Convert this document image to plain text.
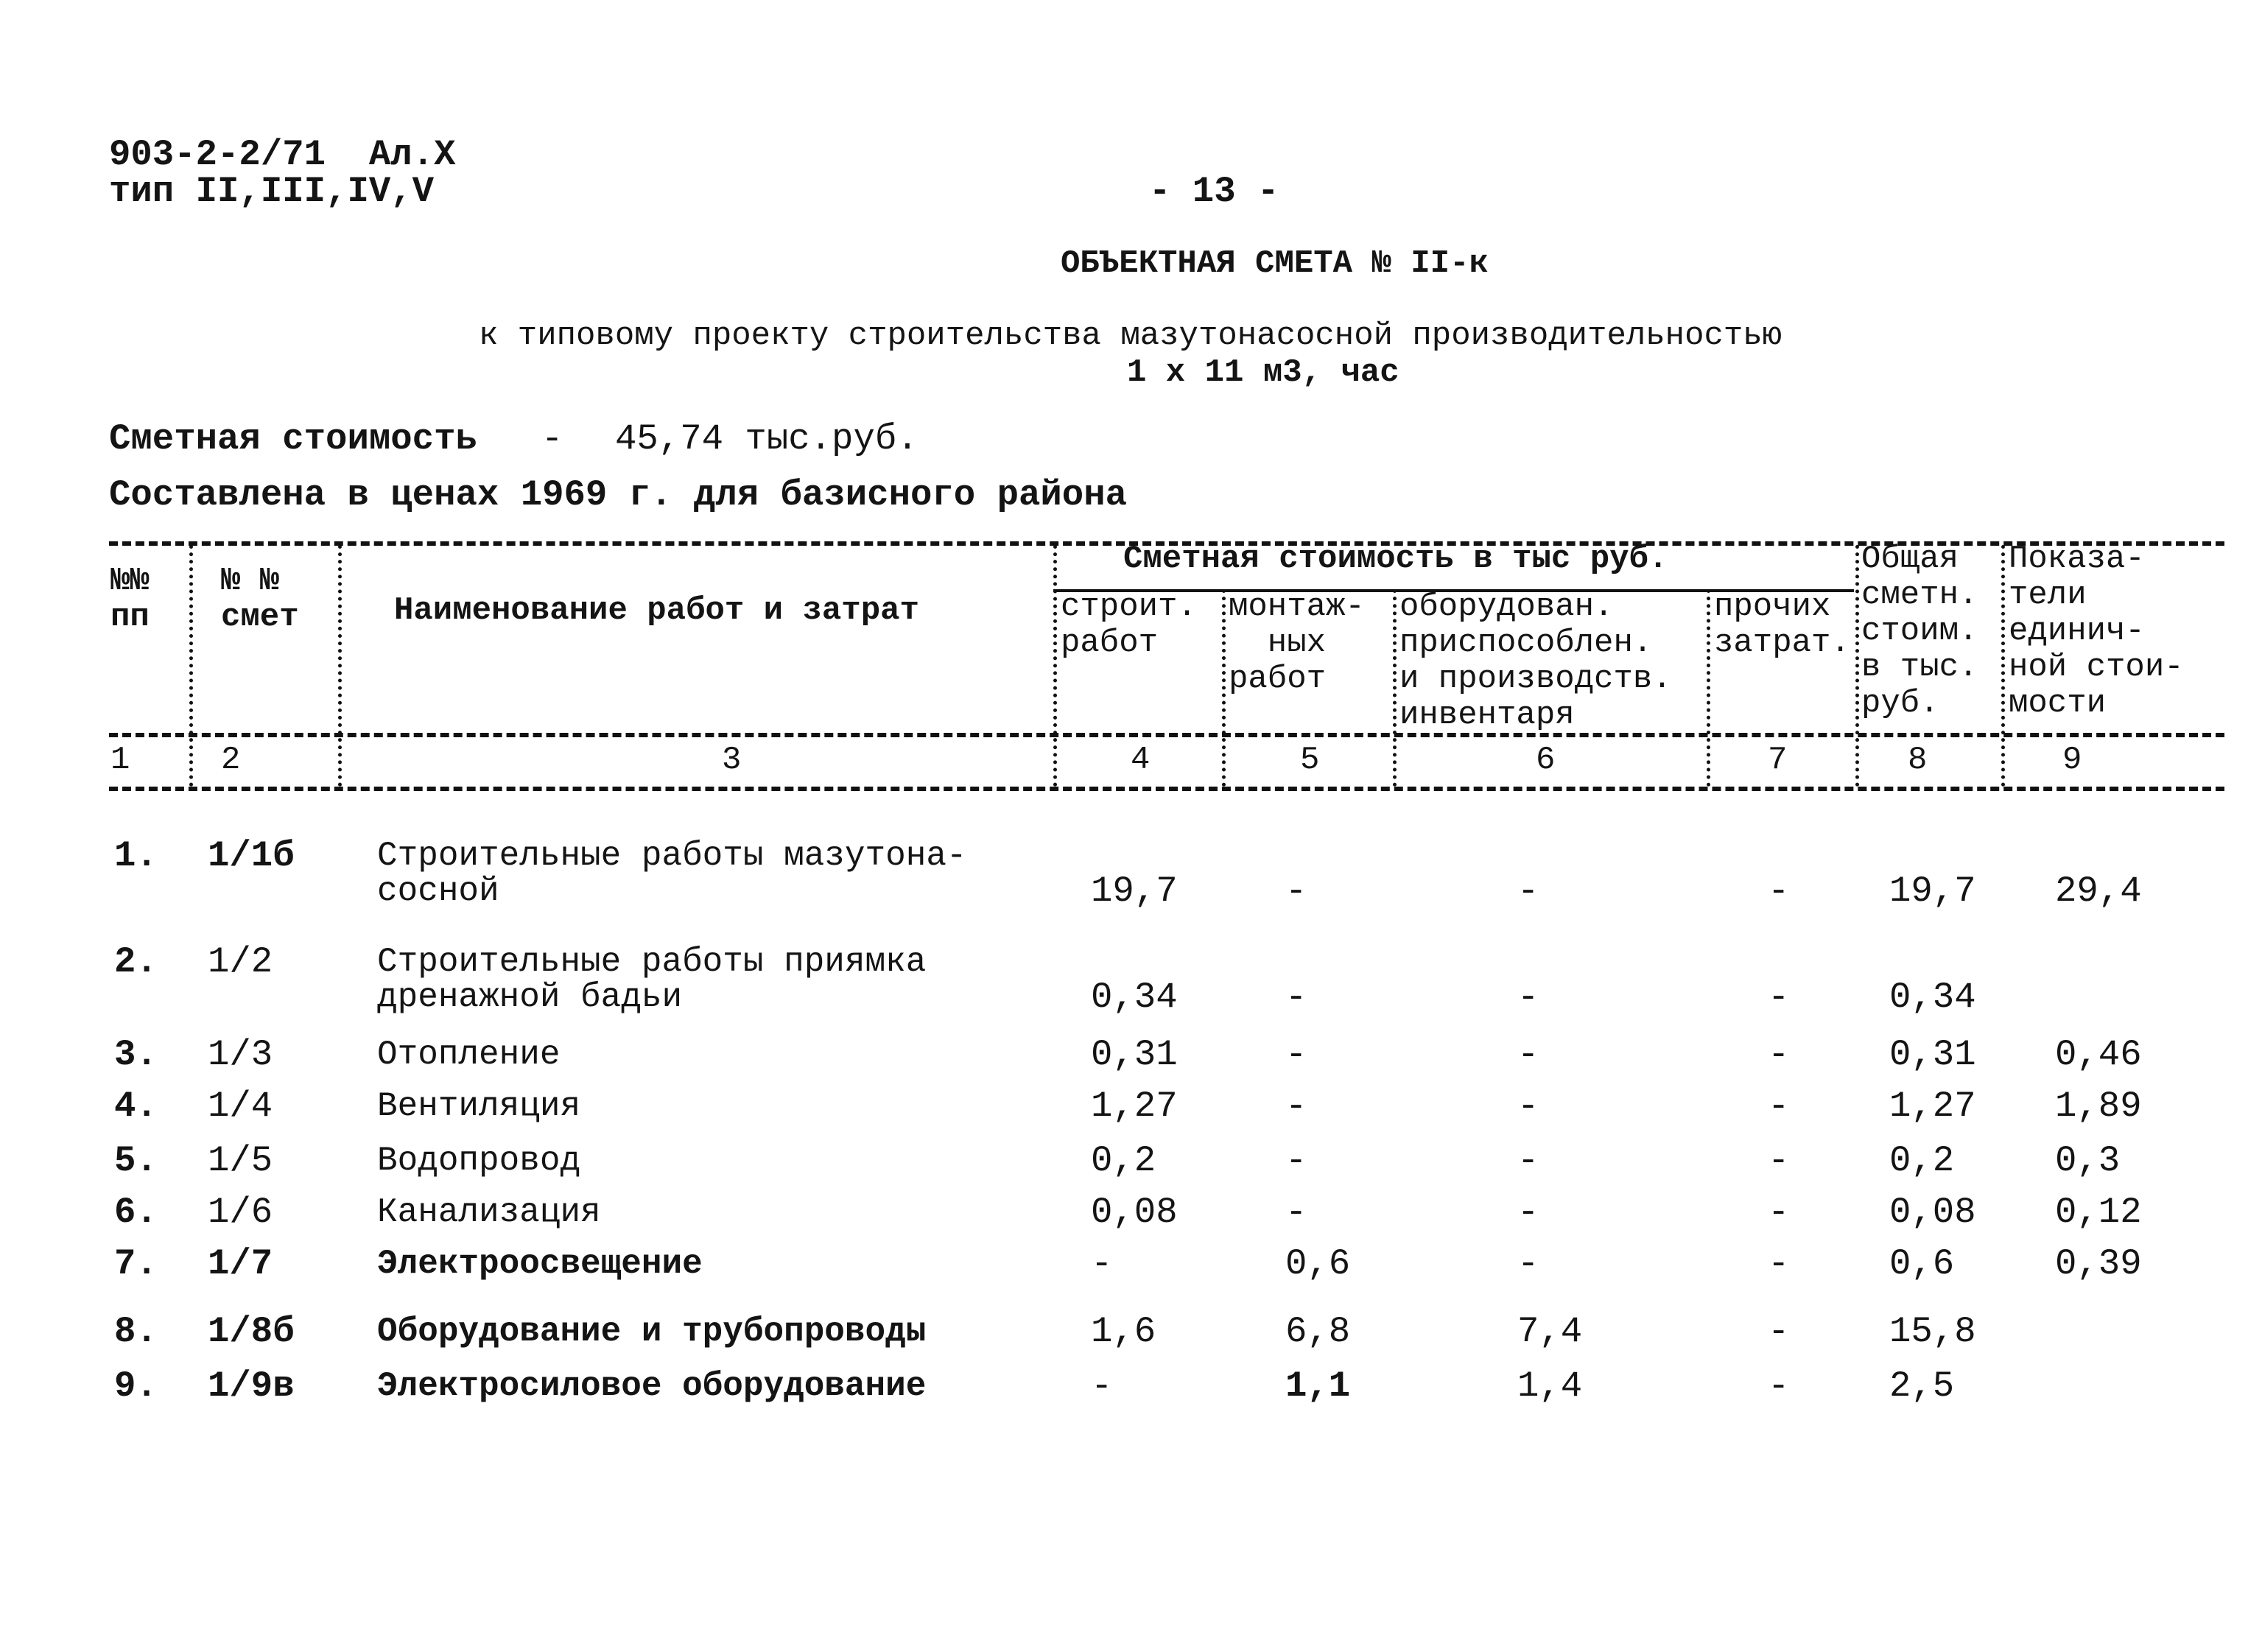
903-2-2/71  Ал.X
тип II,III,IV,V	- 13 -
ОБЪЕКТНАЯ СМЕТА № II-к
к типовому проекту строительства мазутонасосной производительностью
1 x 11 м3, час
Сметная стоимость - 45,74 тыс.руб.
Составлена в ценах 1969 г. для базисного района
Сметная стоимость в тыс руб.
№№
пп
№ №
смет	Наименование работ и затрат	строит.
работ
монтаж-
ных
работ
оборудован.
приспособлен.
и производств.
инвентаря
прочих
затрат.
Общая
сметн.
стоим.
в тыс.
руб.
Показа-
тели
единич-
ной стои-
мости
1	2	3	4	5	6	7	8	9
1. 1/1б Строительные работы мазутона-
сосной	19,7	-	-	-	19,7 29,4
2. 1/2	Строительные работы приямка
дренажной бадьи	0,34	-	-	-	0,34
3. 1/3	Отопление	0,31	-	-	-	0,31 0,46
4. 1/4	Вентиляция	1,27	-	-	-	1,27 1,89
5. 1/5	Водопровод	0,2	-	-	-	0,2	0,3
6. 1/6	Канализация	0,08	-	-	-	0,08 0,12
7. 1/7	Электроосвещение	-	0,6	-	-	0,6	0,39
8. 1/8б Оборудование и трубопроводы	1,6	6,8	7,4	-	15,8
9. 1/9в Электросиловое оборудование	-	1,1	1,4	-	2,5
